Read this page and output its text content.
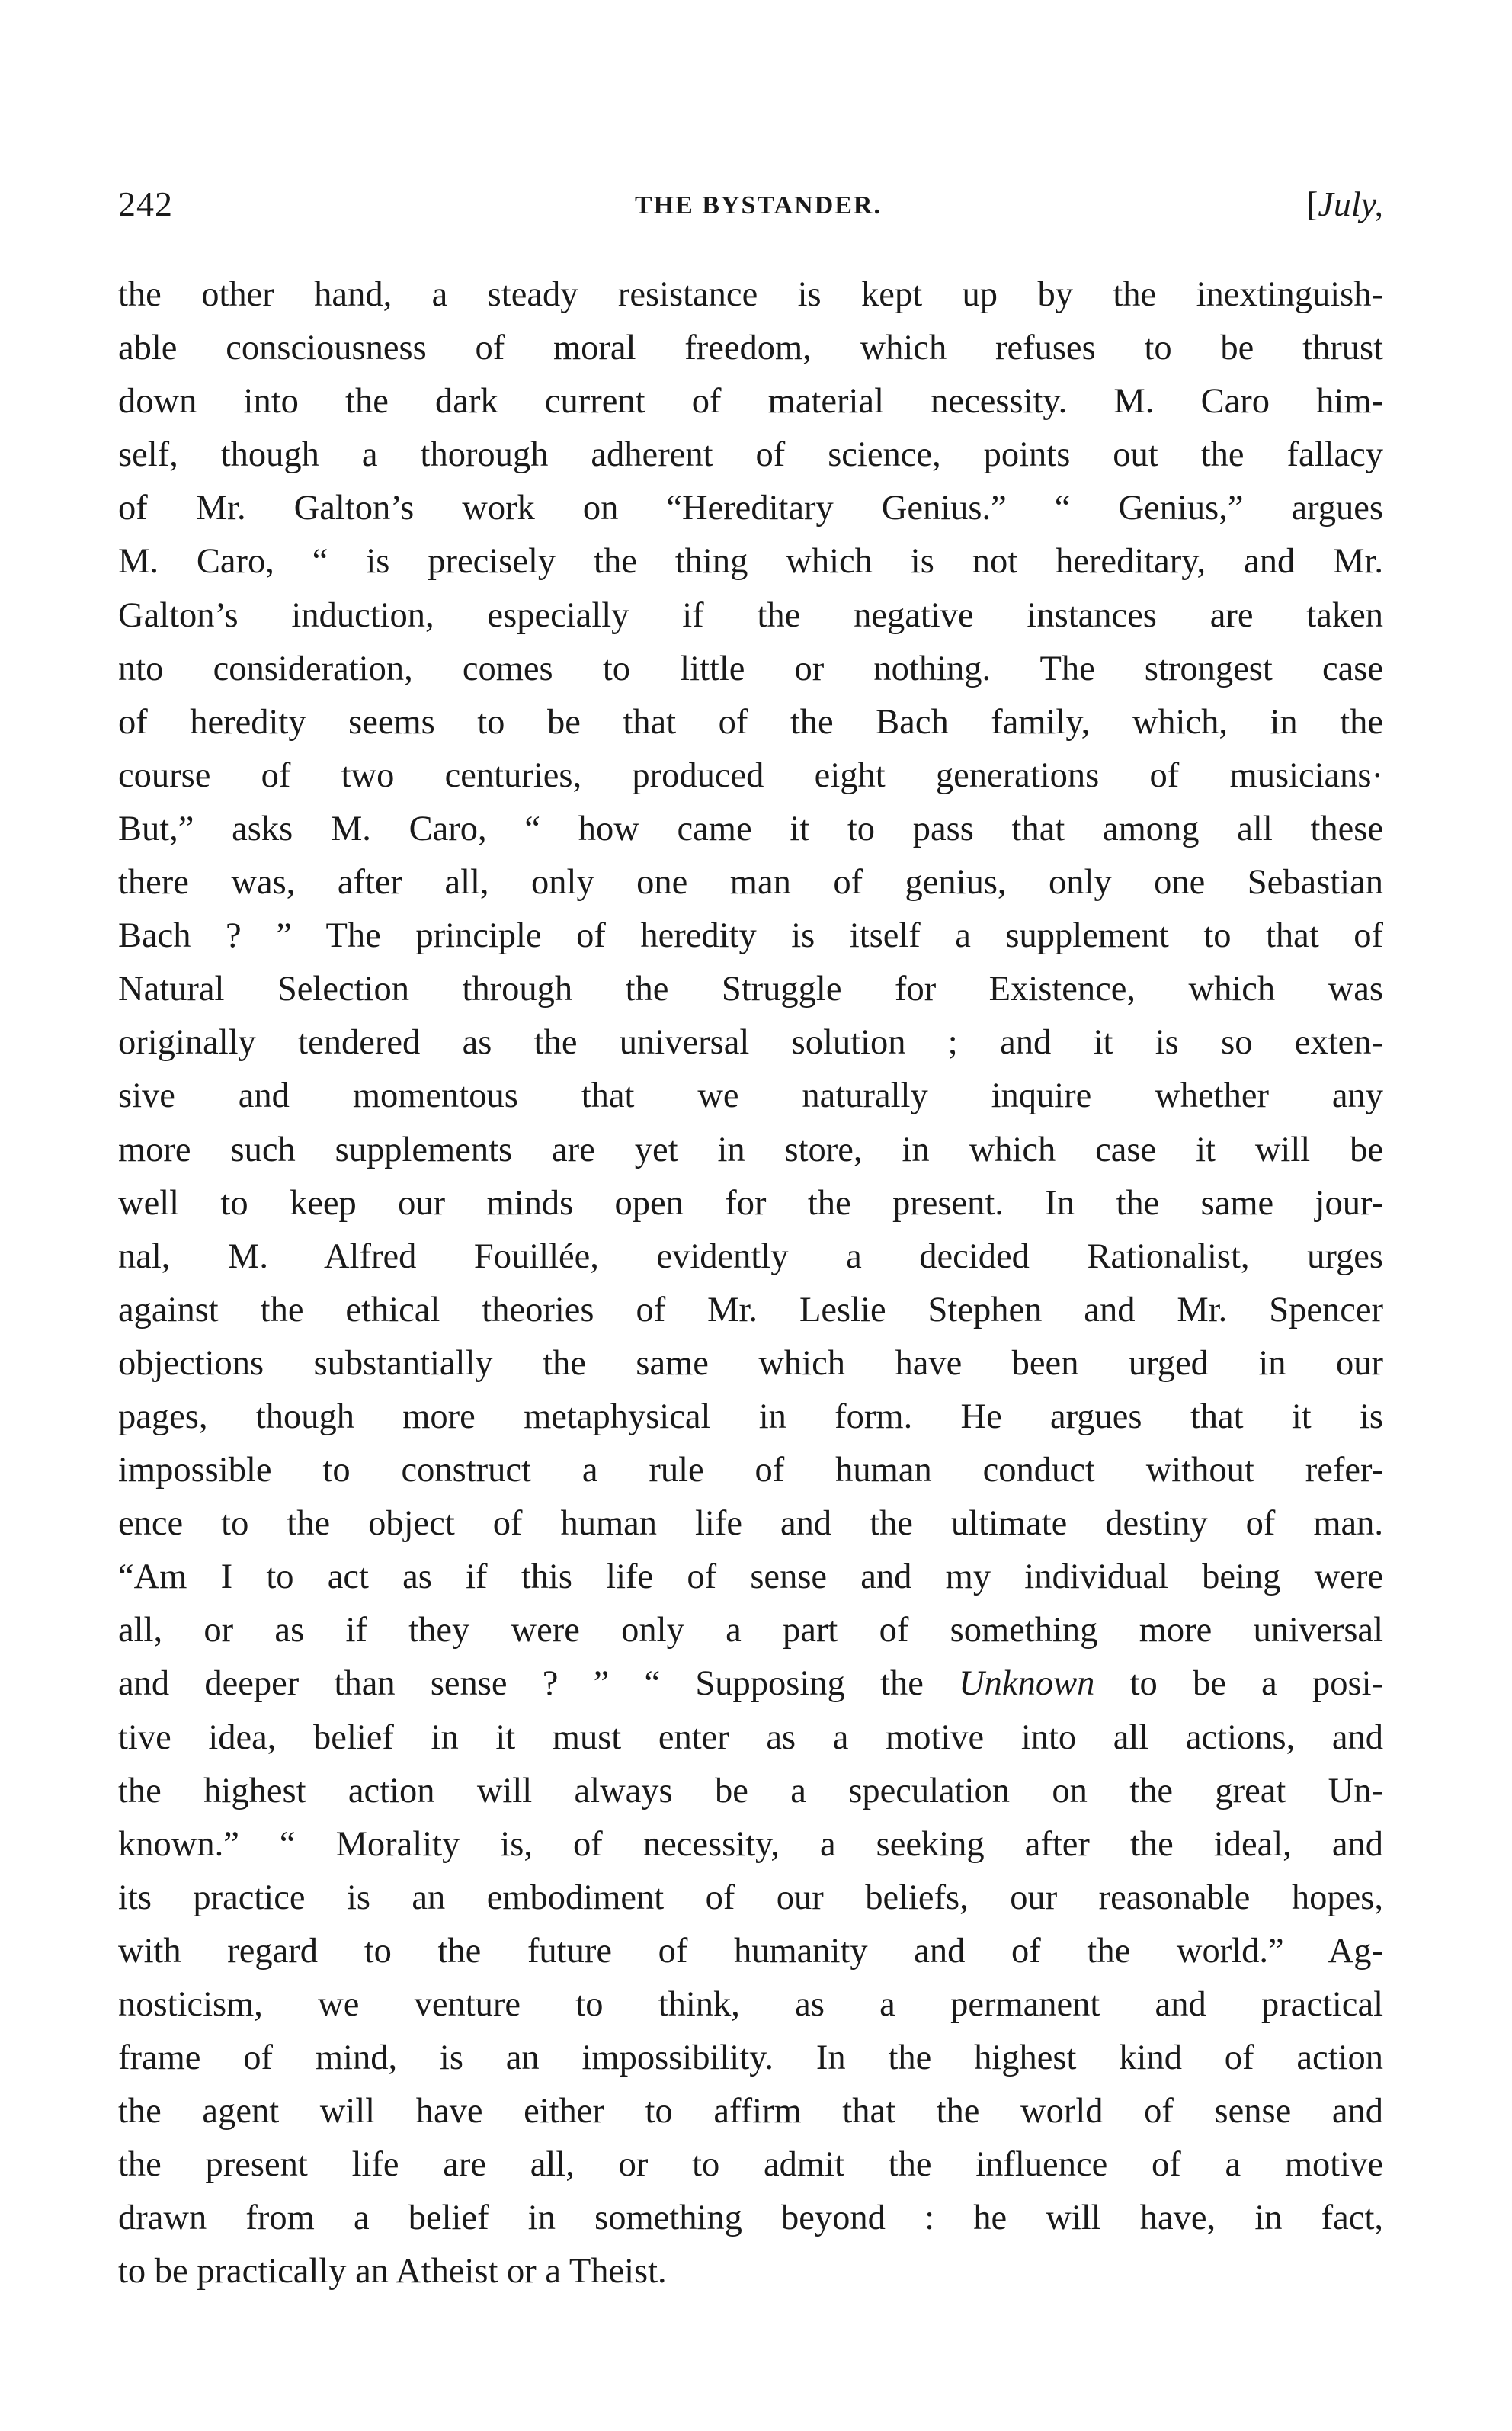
242	THE BYSTANDER.	[July,
the other hand, a steady resistance is kept up by the inextinguish-
able consciousness of moral freedom, which refuses to be thrust
down into the dark current of material necessity. M. Caro him-
self, though a thorough adherent of science, points out the fallacy
of Mr. Galton’s work on “Hereditary Genius.” “ Genius,” argues
M. Caro, “ is precisely the thing which is not hereditary, and Mr.
Galton’s induction, especially if the negative instances are taken
nto consideration, comes to little or nothing. The strongest case
of heredity seems to be that of the Bach family, which, in the
course of two centuries, produced eight generations of musicians·
But,” asks M. Caro, “ how came it to pass that among all these
there was, after all, only one man of genius, only one Sebastian
Bach ? ” The principle of heredity is itself a supplement to that of
Natural Selection through the Struggle for Existence, which was
originally tendered as the universal solution ; and it is so exten-
sive and momentous that we naturally inquire whether any
more such supplements are yet in store, in which case it will be
well to keep our minds open for the present. In the same jour-
nal, M. Alfred Fouillée, evidently a decided Rationalist, urges
against the ethical theories of Mr. Leslie Stephen and Mr. Spencer
objections substantially the same which have been urged in our
pages, though more metaphysical in form. He argues that it is
impossible to construct a rule of human conduct without refer-
ence to the object of human life and the ultimate destiny of man.
“Am I to act as if this life of sense and my individual being were
all, or as if they were only a part of something more universal
and deeper than sense ? ” “ Supposing the Unknown to be a posi-
tive idea, belief in it must enter as a motive into all actions, and
the highest action will always be a speculation on the great Un-
known.” “ Morality is, of necessity, a seeking after the ideal, and
its practice is an embodiment of our beliefs, our reasonable hopes,
with regard to the future of humanity and of the world.” Ag-
nosticism, we venture to think, as a permanent and practical
frame of mind, is an impossibility. In the highest kind of action
the agent will have either to affirm that the world of sense and
the present life are all, or to admit the influence of a motive
drawn from a belief in something beyond : he will have, in fact,
to be practically an Atheist or a Theist.
